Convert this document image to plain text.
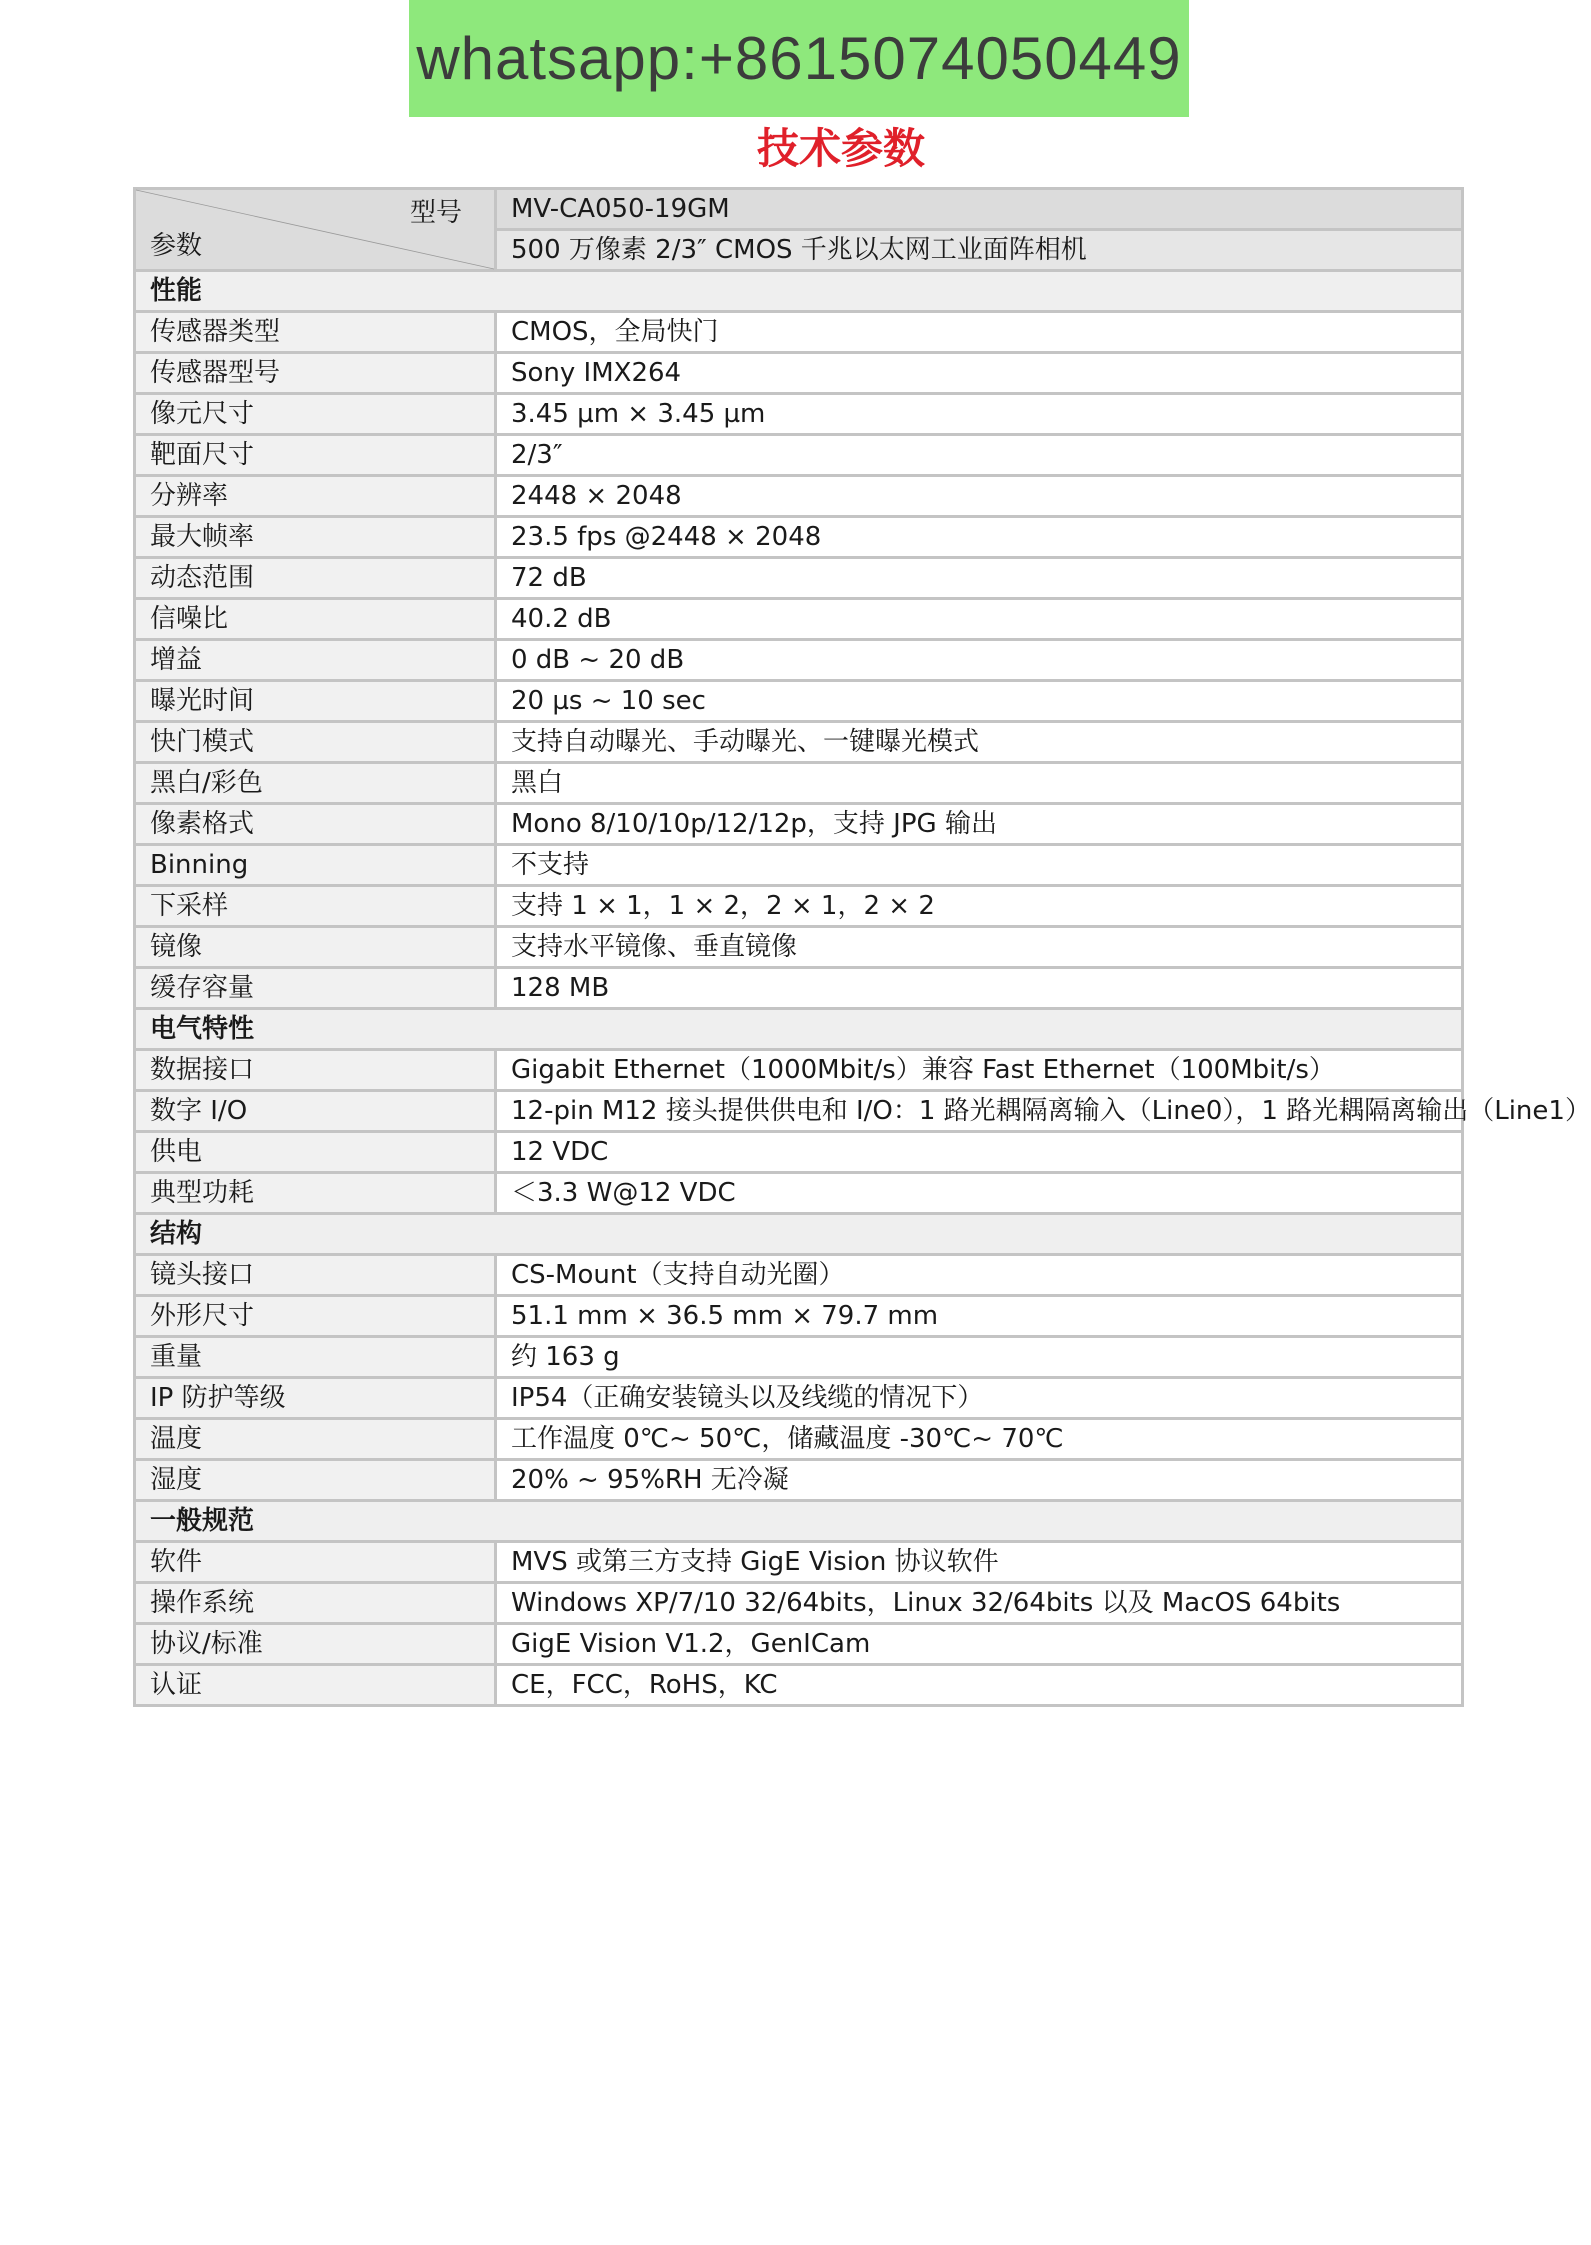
whatsapp:+8615074050449
技术参数
型号
参数	MV-CA050-19GM
	500 万像素 2/3″ CMOS 千兆以太网工业面阵相机
性能	
传感器类型	CMOS，全局快门
传感器型号	Sony IMX264
像元尺寸	3.45 µm × 3.45 µm
靶面尺寸	2/3″
分辨率	2448 × 2048
最大帧率	23.5 fps @2448 × 2048
动态范围	72 dB
信噪比	40.2 dB
增益	0 dB ~ 20 dB
曝光时间	20 µs ~ 10 sec
快门模式	支持自动曝光、手动曝光、一键曝光模式
黑白/彩色	黑白
像素格式	Mono 8/10/10p/12/12p，支持 JPG 输出
Binning	不支持
下采样	支持 1 × 1，1 × 2，2 × 1，2 × 2
镜像	支持水平镜像、垂直镜像
缓存容量	128 MB
电气特性	
数据接口	Gigabit Ethernet（1000Mbit/s）兼容 Fast Ethernet（100Mbit/s）
数字 I/O	12-pin M12 接头提供供电和 I/O：1 路光耦隔离输入（Line0），1 路光耦隔离输出（Line1）
供电	12 VDC
典型功耗	＜3.3 W@12 VDC
结构	
镜头接口	CS-Mount（支持自动光圈）
外形尺寸	51.1 mm × 36.5 mm × 79.7 mm
重量	约 163 g
IP 防护等级	IP54（正确安装镜头以及线缆的情况下）
温度	工作温度 0℃~ 50℃，储藏温度 -30℃~ 70℃
湿度	20% ~ 95%RH 无冷凝
一般规范	
软件	MVS 或第三方支持 GigE Vision 协议软件
操作系统	Windows XP/7/10 32/64bits，Linux 32/64bits 以及 MacOS 64bits
协议/标准	GigE Vision V1.2，GenICam
认证	CE，FCC，RoHS，KC
